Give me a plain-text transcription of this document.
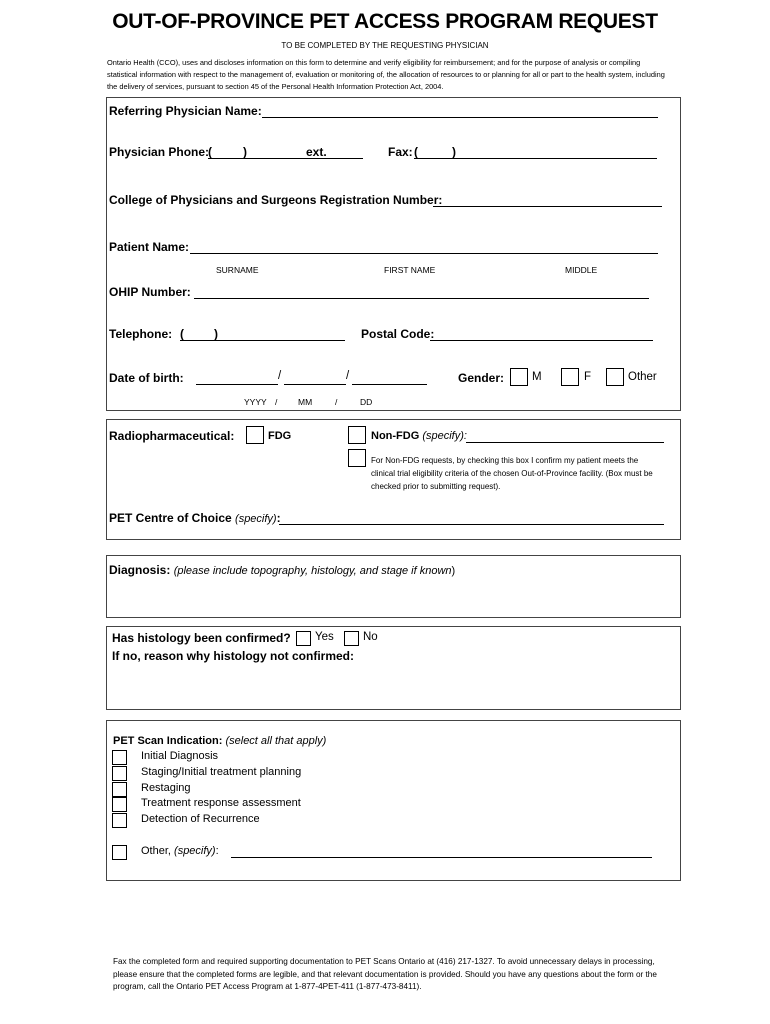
OUT-OF-PROVINCE PET ACCESS PROGRAM REQUEST
TO BE COMPLETED BY THE REQUESTING PHYSICIAN
Ontario Health (CCO), uses and discloses information on this form to determine and verify eligibility for reimbursement; and for the purpose of analysis or compiling statistical information with respect to the management of, evaluation or monitoring of, the allocation of resources to or planning for all or part to the health system, including the delivery of services, pursuant to section 45 of the Personal Health Information Protection Act, 2004.
Referring Physician Name:
Physician Phone:
(	)	ext.	Fax: (	)
College of Physicians and Surgeons Registration Number:
Patient Name:
SURNAME	FIRST NAME	MIDDLE
OHIP Number:
Telephone: (	)	Postal Code:
Date of birth:	/	/
YYYY / MM	/	DD
Gender: M	F	Other
Radiopharmaceutical:	FDG	Non-FDG (specify):
For Non-FDG requests, by checking this box I confirm my patient meets the clinical trial eligibility criteria of the chosen Out-of-Province facility. (Box must be checked prior to submitting request).
PET Centre of Choice (specify):
Diagnosis: (please include topography, histology, and stage if known)
Has histology been confirmed? Yes	No
If no, reason why histology not confirmed:
PET Scan Indication: (select all that apply)
Initial Diagnosis
Staging/Initial treatment planning
Restaging
Treatment response assessment
Detection of Recurrence
Other, (specify):
Fax the completed form and required supporting documentation to PET Scans Ontario at (416) 217-1327. To avoid unnecessary delays in processing, please ensure that the completed forms are legible, and that relevant documentation is provided. Should you have any questions about the form or the program, call the Ontario PET Access Program at 1-877-4PET-411 (1-877-473-8411).
